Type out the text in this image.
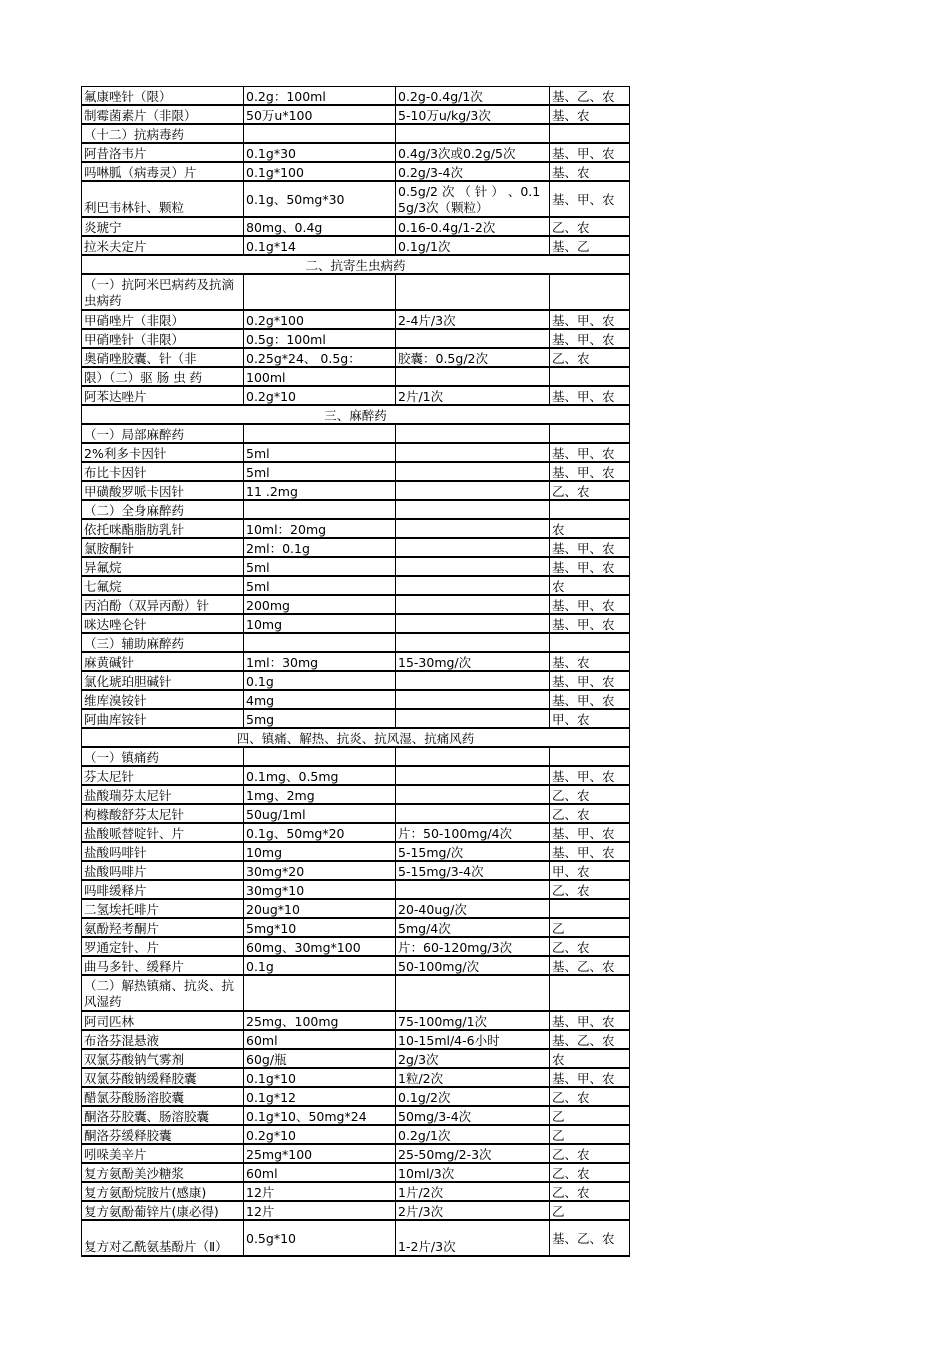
氟康唑针（限）	0.2g：100ml	0.2g-0.4g/1次	基、乙、农
制霉菌素片（非限）	50万u*100	5-10万u/kg/3次	基、农
（十二）抗病毒药			
阿昔洛韦片	0.1g*30	0.4g/3次或0.2g/5次	基、甲、农
吗啉胍（病毒灵）片	0.1g*100	0.2g/3-4次	基、农
利巴韦林针、颗粒	0.1g、50mg*30	0.5g/2 次 （ 针 ） 、0.15g/3次（颗粒）	基、甲、农
炎琥宁	80mg、0.4g	0.16-0.4g/1-2次	乙、农
拉米夫定片	0.1g*14	0.1g/1次	基、乙
二、抗寄生虫病药			
（一）抗阿米巴病药及抗滴虫病药			
甲硝唑片（非限）	0.2g*100	2-4片/3次	基、甲、农
甲硝唑针（非限）	0.5g：100ml		基、甲、农
奥硝唑胶囊、针（非	0.25g*24、 0.5g：	胶囊：0.5g/2次	乙、农
限）（二）驱 肠 虫 药	100ml		
阿苯达唑片	0.2g*10	2片/1次	基、甲、农
三、麻醉药			
（一）局部麻醉药			
2%利多卡因针	5ml		基、甲、农
布比卡因针	5ml		基、甲、农
甲磺酸罗哌卡因针	11 .2mg		乙、农
（二）全身麻醉药			
依托咪酯脂肪乳针	10ml：20mg		农
氯胺酮针	2ml：0.1g		基、甲、农
异氟烷	5ml		基、甲、农
七氟烷	5ml		农
丙泊酚（双异丙酚）针	200mg		基、甲、农
咪达唑仑针	10mg		基、甲、农
（三）辅助麻醉药			
麻黄碱针	1ml：30mg	15-30mg/次	基、农
氯化琥珀胆碱针	0.1g		基、甲、农
维库溴铵针	4mg		基、甲、农
阿曲库铵针	5mg		甲、农
四、镇痛、解热、抗炎、抗风湿、抗痛风药			
（一）镇痛药			
芬太尼针	0.1mg、0.5mg		基、甲、农
盐酸瑞芬太尼针	1mg、2mg		乙、农
枸橼酸舒芬太尼针	50ug/1ml		乙、农
盐酸哌替啶针、片	0.1g、50mg*20	片：50-100mg/4次	基、甲、农
盐酸吗啡针	10mg	5-15mg/次	基、甲、农
盐酸吗啡片	30mg*20	5-15mg/3-4次	甲、农
吗啡缓释片	30mg*10		乙、农
二氢埃托啡片	20ug*10	20-40ug/次	
氨酚羟考酮片	5mg*10	5mg/4次	乙
罗通定针、片	60mg、30mg*100	片：60-120mg/3次	乙、农
曲马多针、缓释片	0.1g	50-100mg/次	基、乙、农
（二）解热镇痛、抗炎、抗风湿药			
阿司匹林	25mg、100mg	75-100mg/1次	基、甲、农
布洛芬混悬液	60ml	10-15ml/4-6小时	基、乙、农
双氯芬酸钠气雾剂	60g/瓶	2g/3次	农
双氯芬酸钠缓释胶囊	0.1g*10	1粒/2次	基、甲、农
醋氯芬酸肠溶胶囊	0.1g*12	0.1g/2次	乙、农
酮洛芬胶囊、肠溶胶囊	0.1g*10、50mg*24	50mg/3-4次	乙
酮洛芬缓释胶囊	0.2g*10	0.2g/1次	乙
吲哚美辛片	25mg*100	25-50mg/2-3次	乙、农
复方氨酚美沙糖浆	60ml	10ml/3次	乙、农
复方氨酚烷胺片(感康)	12片	1片/2次	乙、农
复方氨酚葡锌片(康必得)	12片	2片/3次	乙
复方对乙酰氨基酚片（Ⅱ）	0.5g*10	1-2片/3次	基、乙、农
